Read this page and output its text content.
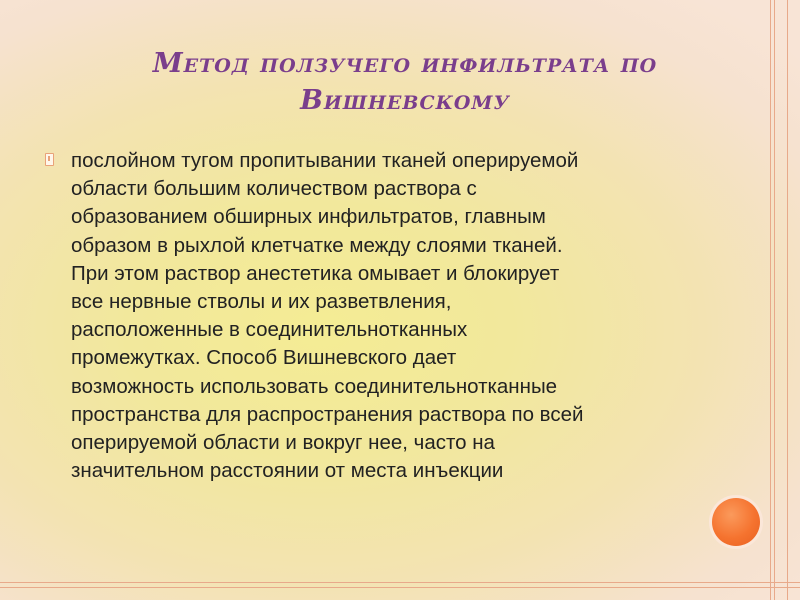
Метод ползучего инфильтрата по
Вишневскому
послойном тугом пропитывании тканей оперируемой
области большим количеством раствора с
образованием обширных инфильтратов, главным
образом в рыхлой клетчатке между слоями тканей.
При этом раствор анестетика омывает и блокирует
все нервные стволы и их разветвления,
расположенные в соединительнотканных
промежутках. Способ Вишневского дает
возможность использовать соединительнотканные
пространства для распространения раствора по всей
оперируемой области и вокруг нее, часто на
значительном расстоянии от места инъекции
